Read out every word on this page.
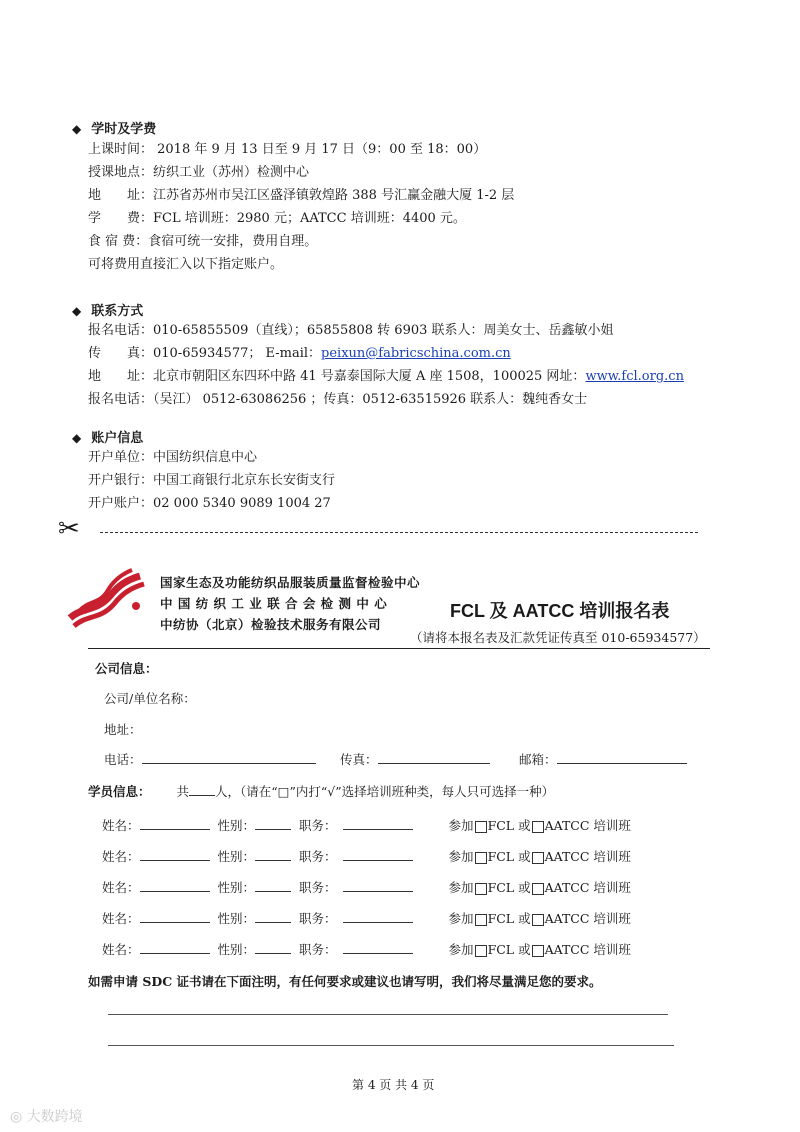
◆ 学时及学费
上课时间： 2018 年 9 月 13 日至 9 月 17 日（9：00 至 18：00）
授课地点：纺织工业（苏州）检测中心
地　　址：江苏省苏州市吴江区盛泽镇敦煌路 388 号汇赢金融大厦 1-2 层
学　　费：FCL 培训班：2980 元；AATCC 培训班：4400 元。
食 宿 费：食宿可统一安排，费用自理。
可将费用直接汇入以下指定账户。
◆ 联系方式
报名电话：010-65855509（直线）；65855808 转 6903 联系人：周美女士、岳鑫敏小姐
传　　真：010-65934577； E-mail：peixun@fabricschina.com.cn
地　　址：北京市朝阳区东四环中路 41 号嘉泰国际大厦 A 座 1508，100025 网址：www.fcl.org.cn
报名电话：（吴江） 0512-63086256 ；传真：0512-63515926 联系人：魏纯香女士
◆ 账户信息
开户单位：中国纺织信息中心
开户银行：中国工商银行北京东长安街支行
开户账户：02 000 5340 9089 1004 27
✂
国家生态及功能纺织品服装质量监督检验中心
中 国 纺 织 工 业 联 合 会 检 测 中 心
中纺协（北京）检验技术服务有限公司
FCL 及 AATCC 培训报名表
（请将本报名表及汇款凭证传真至 010-65934577）
公司信息：
公司/单位名称：
地址：
电话：	传真：	邮箱：
学员信息： 共 人，（请在“□”内打“√”选择培训班种类，每人只可选择一种）
姓名：	性别：	职务：	参加 FCL 或 AATCC 培训班
姓名：	性别：	职务：	参加 FCL 或 AATCC 培训班
姓名：	性别：	职务：	参加 FCL 或 AATCC 培训班
姓名：	性别：	职务：	参加 FCL 或 AATCC 培训班
姓名：	性别：	职务：	参加 FCL 或 AATCC 培训班
如需申请 SDC 证书请在下面注明，有任何要求或建议也请写明，我们将尽量满足您的要求。
第 4 页 共 4 页
◎ 大数跨境
